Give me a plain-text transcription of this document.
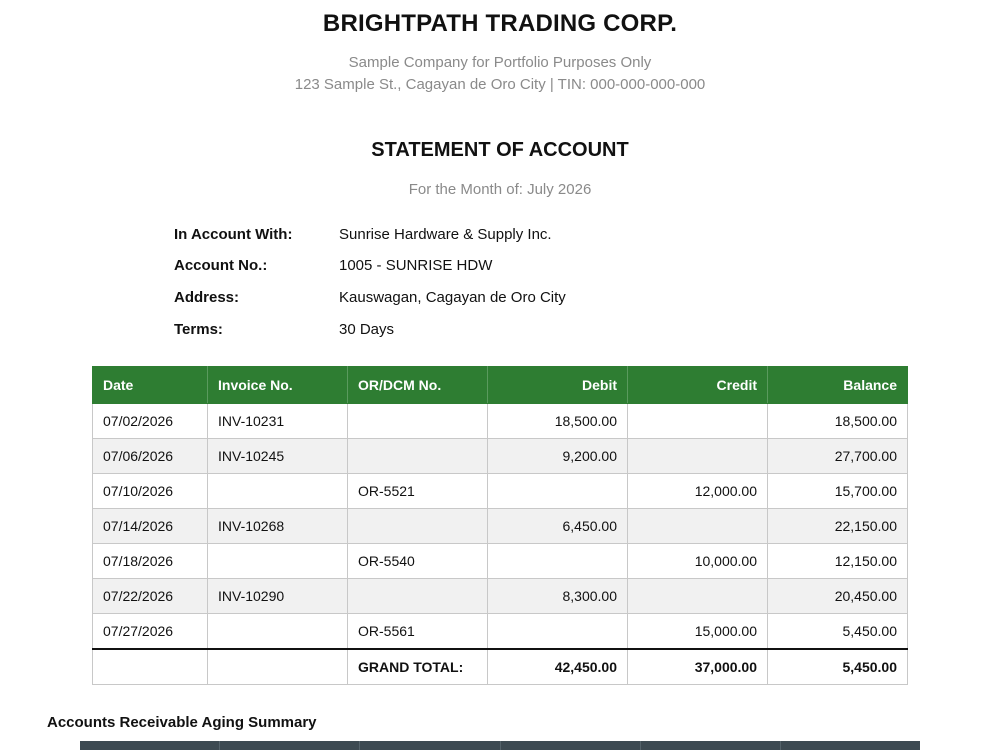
BRIGHTPATH TRADING CORP.
Sample Company for Portfolio Purposes Only
123 Sample St., Cagayan de Oro City | TIN: 000-000-000-000
STATEMENT OF ACCOUNT
For the Month of: July 2026
In Account With:	Sunrise Hardware & Supply Inc.
Account No.:	1005 - SUNRISE HDW
Address:	Kauswagan, Cagayan de Oro City
Terms:	30 Days
Date	Invoice No.	OR/DCM No.	Debit	Credit	Balance
07/02/2026	INV-10231		18,500.00		18,500.00
07/06/2026	INV-10245		9,200.00		27,700.00
07/10/2026		OR-5521		12,000.00	15,700.00
07/14/2026	INV-10268		6,450.00		22,150.00
07/18/2026		OR-5540		10,000.00	12,150.00
07/22/2026	INV-10290		8,300.00		20,450.00
07/27/2026		OR-5561		15,000.00	5,450.00
		GRAND TOTAL:	42,450.00	37,000.00	5,450.00
Accounts Receivable Aging Summary
